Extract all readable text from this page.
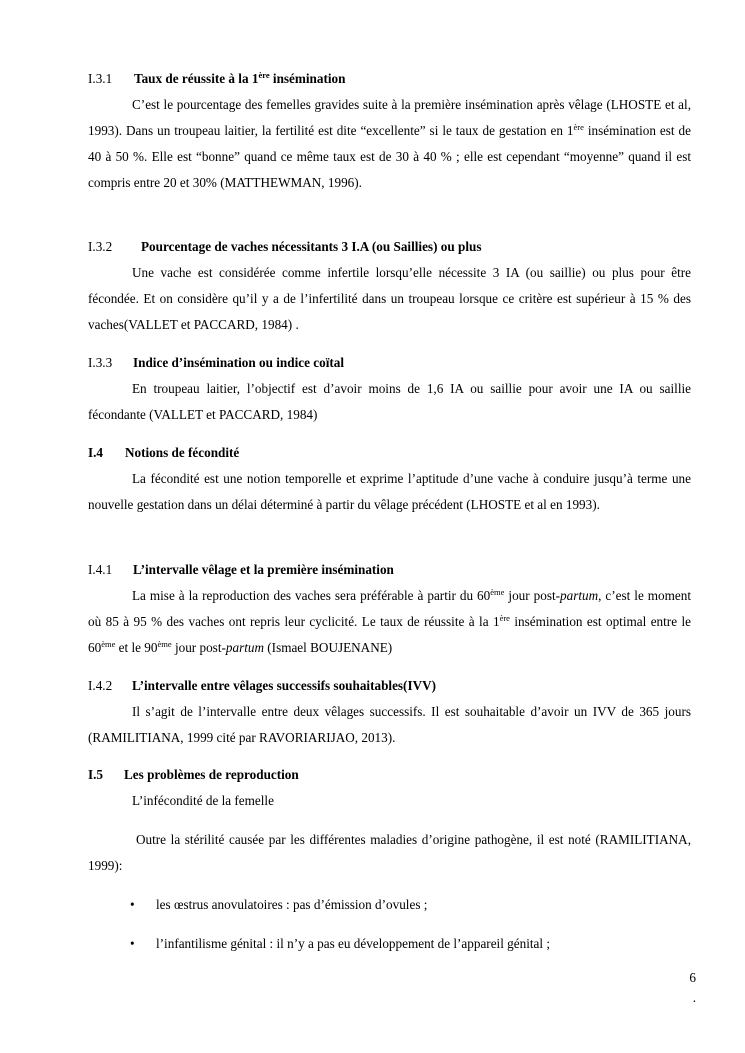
I.3.1 Taux de réussite à la 1ère insémination
C’est le pourcentage des femelles gravides suite à la première insémination après vêlage (LHOSTE et al, 1993). Dans un troupeau laitier, la fertilité est dite “excellente” si le taux de gestation en 1ère insémination est de 40 à 50 %. Elle est “bonne” quand ce même taux est de 30 à 40 % ; elle est cependant “moyenne” quand il est compris entre 20 et 30% (MATTHEWMAN, 1996).
I.3.2 Pourcentage de vaches nécessitants 3 I.A (ou Saillies) ou plus
Une vache est considérée comme infertile lorsqu’elle nécessite 3 IA (ou saillie) ou plus pour être fécondée. Et on considère qu’il y a de l’infertilité dans un troupeau lorsque ce critère est supérieur à 15 % des vaches(VALLET et PACCARD, 1984) .
I.3.3 Indice d’insémination ou indice coïtal
En troupeau laitier, l’objectif est d’avoir moins de 1,6 IA ou saillie pour avoir une IA ou saillie fécondante (VALLET et PACCARD, 1984)
I.4 Notions de fécondité
La fécondité est une notion temporelle et exprime l’aptitude d’une vache à conduire jusqu’à terme une nouvelle gestation dans un délai déterminé à partir du vêlage précédent (LHOSTE et al en 1993).
I.4.1 L’intervalle vêlage et la première insémination
La mise à la reproduction des vaches sera préférable à partir du 60ème jour post-partum, c’est le moment où 85 à 95 % des vaches ont repris leur cyclicité. Le taux de réussite à la 1ère insémination est optimal entre le 60ème et le 90ème jour post-partum (Ismael BOUJENANE)
I.4.2 L’intervalle entre vêlages successifs souhaitables(IVV)
Il s’agit de l’intervalle entre deux vêlages successifs. Il est souhaitable d’avoir un IVV de 365 jours (RAMILITIANA, 1999 cité par RAVORIARIJAO, 2013).
I.5 Les problèmes de reproduction
L’infécondité de la femelle
Outre la stérilité causée par les différentes maladies d’origine pathogène, il est noté (RAMILITIANA, 1999):
• les œstrus anovulatoires : pas d’émission d’ovules ;
• l’infantilisme génital : il n’y a pas eu développement de l’appareil génital ;
6
.
